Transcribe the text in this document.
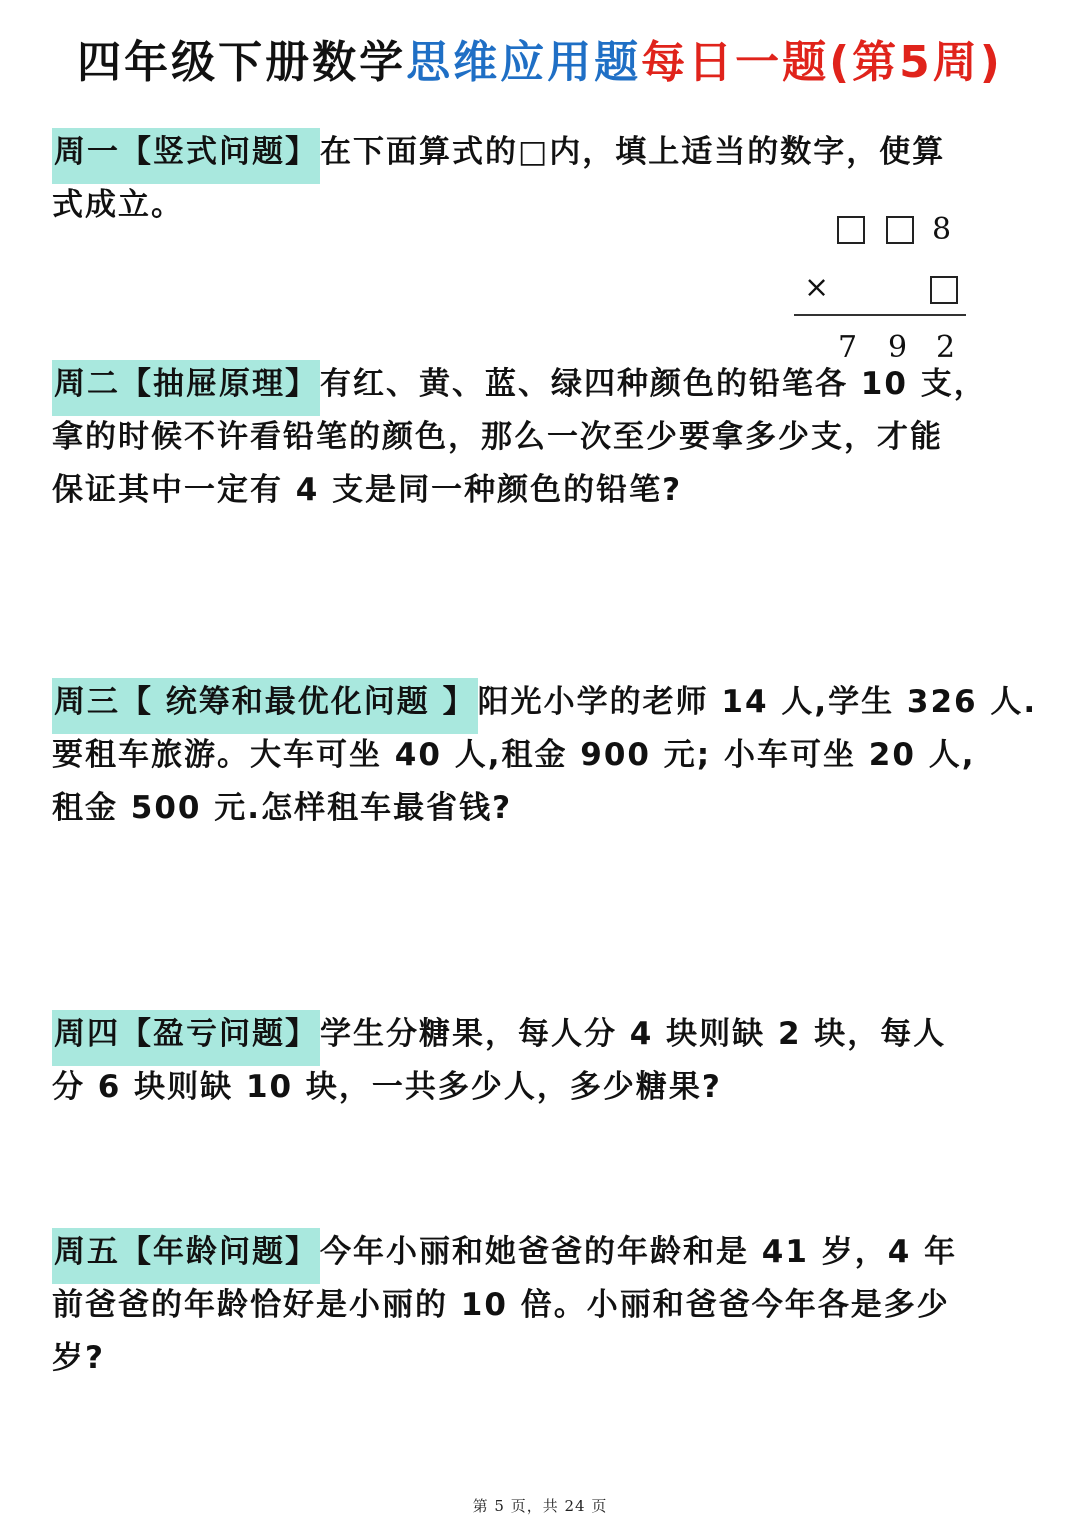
四年级下册数学思维应用题每日一题(第5周)

周一【竖式问题】在下面算式的□内，填上适当的数字，使算

式成立。

8
×
7 9 2

周二【抽屉原理】有红、黄、蓝、绿四种颜色的铅笔各 10 支，

拿的时候不许看铅笔的颜色，那么一次至少要拿多少支，才能

保证其中一定有 4 支是同一种颜色的铅笔?

周三【 统筹和最优化问题 】阳光小学的老师 14 人,学生 326 人.

要租车旅游。大车可坐 40 人,租金 900 元; 小车可坐 20 人,

租金 500 元.怎样租车最省钱?

周四【盈亏问题】学生分糖果，每人分 4 块则缺 2 块，每人

分 6 块则缺 10 块，一共多少人，多少糖果?

周五【年龄问题】今年小丽和她爸爸的年龄和是 41 岁，4 年

前爸爸的年龄恰好是小丽的 10 倍。小丽和爸爸今年各是多少

岁?

第 5 页，共 24 页
